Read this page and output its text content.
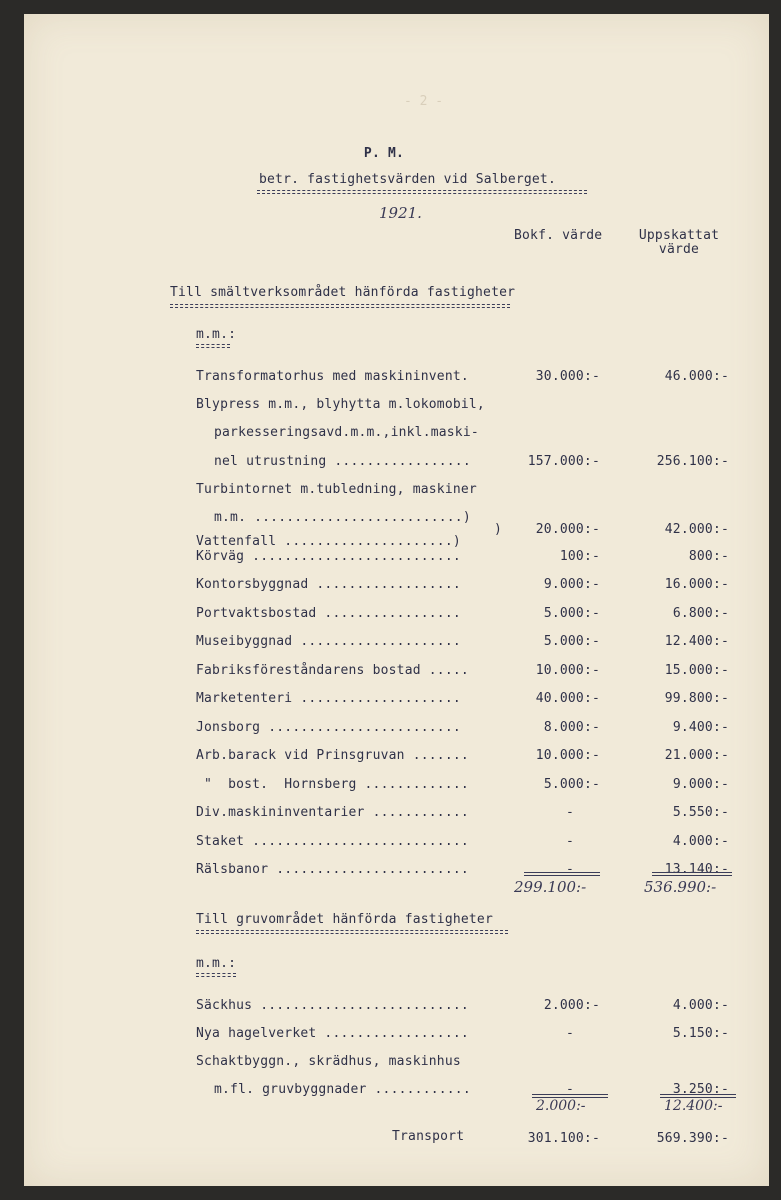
- 2 -
P. M.
betr. fastighetsvärden vid Salberget.
1921.
Bokf. värde	Uppskattat
värde
Till smältverksområdet hänförda fastigheter
m.m.:
Transformatorhus med maskininvent.	30.000:-	46.000:-
Blypress m.m., blyhytta m.lokomobil,
parkesseringsavd.m.m.,inkl.maski-
nel utrustning .................	157.000:-	256.100:-
Turbintornet m.tubledning, maskiner
m.m. ..........................)
)	20.000:-	42.000:-
Vattenfall .....................)
Körväg ..........................	100:-	800:-
Kontorsbyggnad ..................	9.000:-	16.000:-
Portvaktsbostad .................	5.000:-	6.800:-
Museibyggnad ....................	5.000:-	12.400:-
Fabriksföreståndarens bostad .....	10.000:-	15.000:-
Marketenteri ....................	40.000:-	99.800:-
Jonsborg ........................	8.000:-	9.400:-
Arb.barack vid Prinsgruvan .......	10.000:-	21.000:-
"  bost.  Hornsberg .............	5.000:-	9.000:-
Div.maskininventarier ............	-	5.550:-
Staket ...........................	-	4.000:-
Rälsbanor ........................	-	13.140:-
299.100:-	536.990:-
Till gruvområdet hänförda fastigheter
m.m.:
Säckhus ..........................	2.000:-	4.000:-
Nya hagelverket ..................	-	5.150:-
Schaktbyggn., skrädhus, maskinhus
m.fl. gruvbyggnader ............	-	3.250:-
2.000:-	12.400:-
Transport	301.100:-	569.390:-
